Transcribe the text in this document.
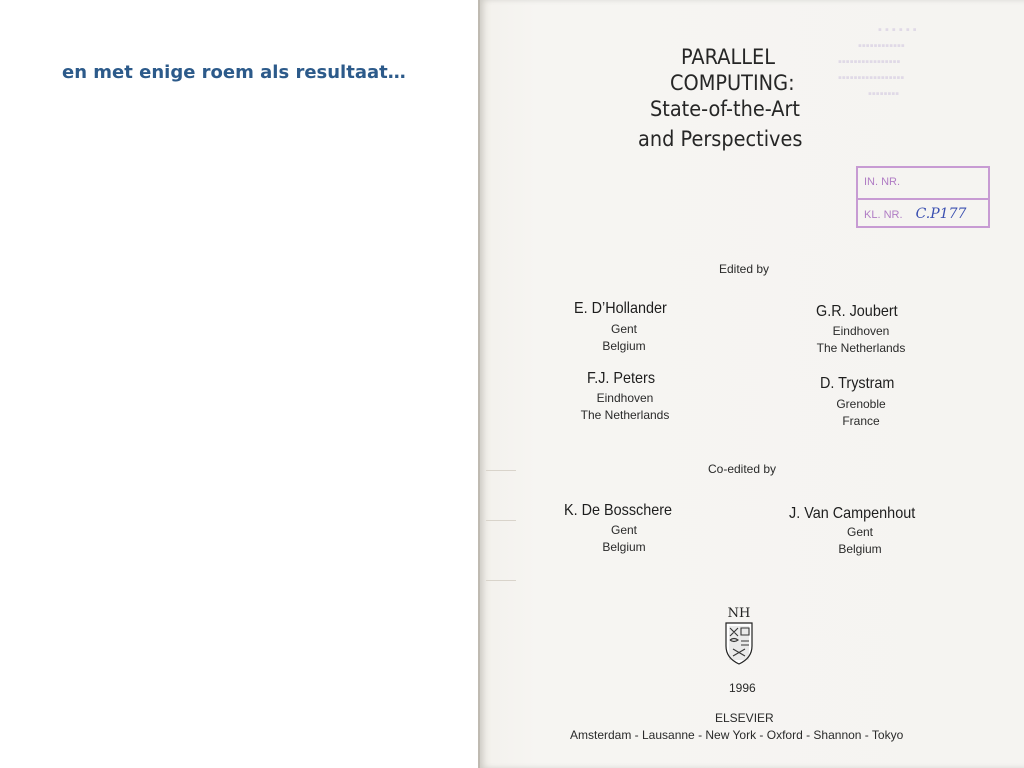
en met enige roem als resultaat…
▪ ▪ ▪ ▪ ▪ ▪
▪▪▪▪▪▪▪▪▪▪▪▪
▪▪▪▪▪▪▪▪▪▪▪▪▪▪▪▪
▪▪▪▪▪▪▪▪▪▪▪▪▪▪▪▪▪
▪▪▪▪▪▪▪▪
PARALLEL
COMPUTING:
State-of-the-Art
and Perspectives
IN. NR.
KL. NR. C.P177
Edited by
E. D’Hollander
Gent
Belgium
G.R. Joubert
Eindhoven
The Netherlands
F.J. Peters
Eindhoven
The Netherlands
D. Trystram
Grenoble
France
Co-edited by
K. De Bosschere
Gent
Belgium
J. Van Campenhout
Gent
Belgium
NH
1996
ELSEVIER
Amsterdam - Lausanne - New York - Oxford - Shannon - Tokyo
